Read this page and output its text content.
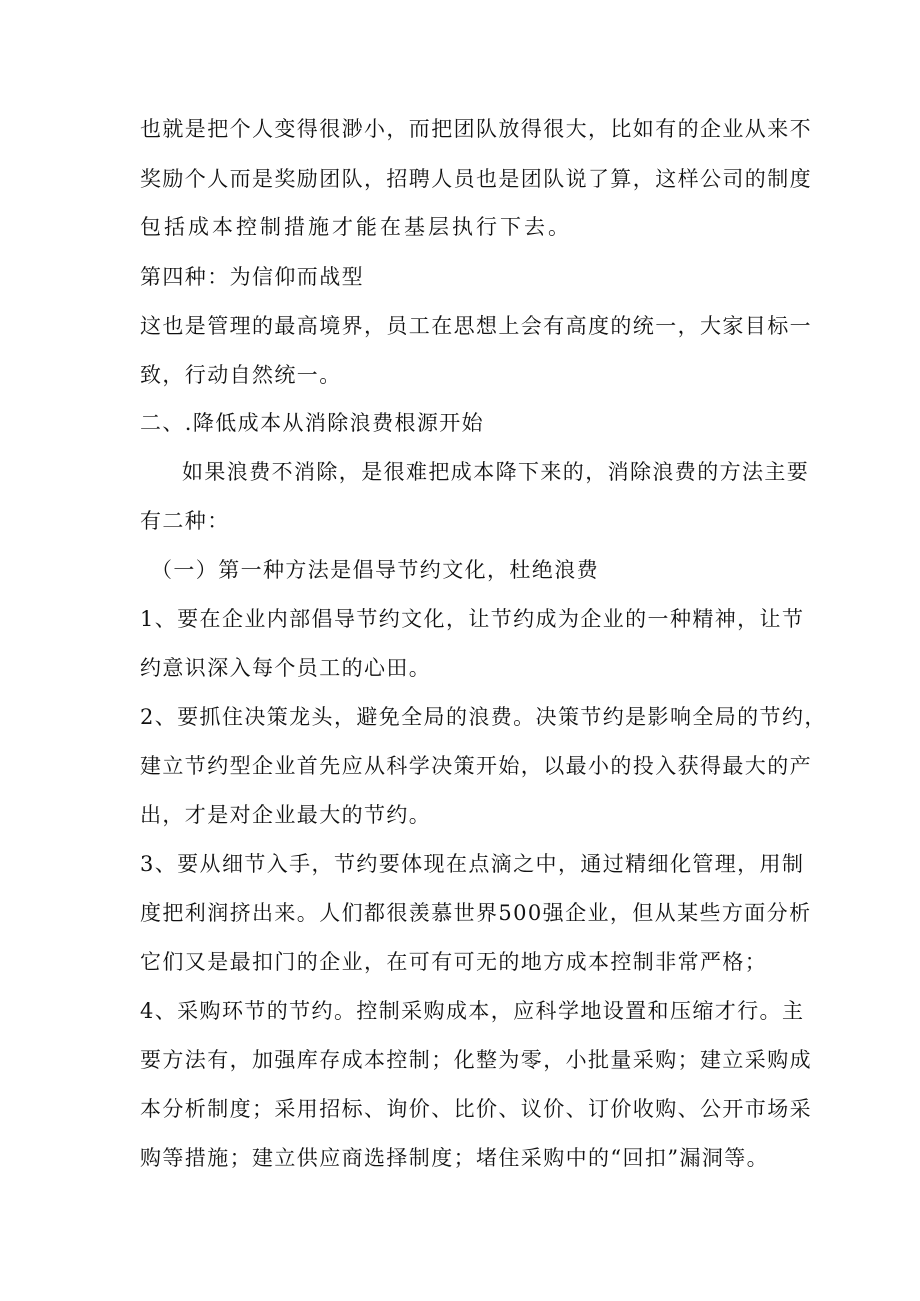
也就是把个人变得很渺小，而把团队放得很大，比如有的企业从来不
奖励个人而是奖励团队，招聘人员也是团队说了算，这样公司的制度
包括成本控制措施才能在基层执行下去。
第四种：为信仰而战型
这也是管理的最高境界，员工在思想上会有高度的统一，大家目标一
致，行动自然统一。
二、.降低成本从消除浪费根源开始
如果浪费不消除，是很难把成本降下来的，消除浪费的方法主要
有二种：
（一）第一种方法是倡导节约文化，杜绝浪费
1、要在企业内部倡导节约文化，让节约成为企业的一种精神，让节
约意识深入每个员工的心田。
2、要抓住决策龙头，避免全局的浪费。决策节约是影响全局的节约，
建立节约型企业首先应从科学决策开始，以最小的投入获得最大的产
出，才是对企业最大的节约。
3、要从细节入手，节约要体现在点滴之中，通过精细化管理，用制
度把利润挤出来。人们都很羡慕世界500强企业，但从某些方面分析
它们又是最扣门的企业，在可有可无的地方成本控制非常严格；
4、采购环节的节约。控制采购成本，应科学地设置和压缩才行。主
要方法有，加强库存成本控制；化整为零，小批量采购；建立采购成
本分析制度；采用招标、询价、比价、议价、订价收购、公开市场采
购等措施；建立供应商选择制度；堵住采购中的“回扣”漏洞等。
